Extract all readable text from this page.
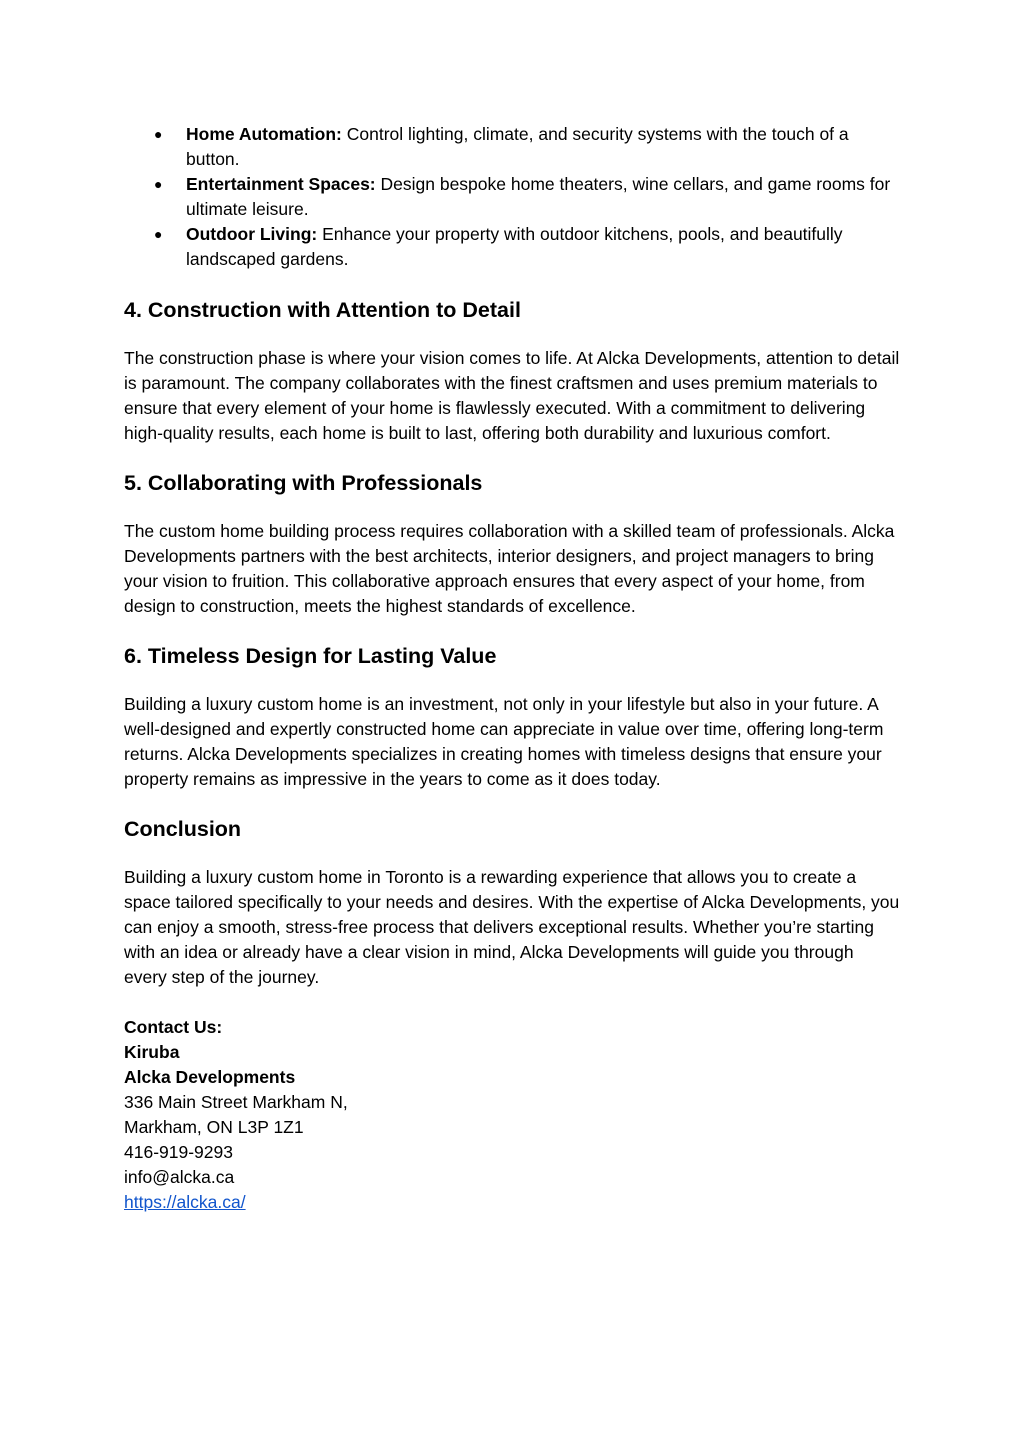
● Home Automation: Control lighting, climate, and security systems with the touch of a button.
● Entertainment Spaces: Design bespoke home theaters, wine cellars, and game rooms for ultimate leisure.
● Outdoor Living: Enhance your property with outdoor kitchens, pools, and beautifully landscaped gardens.
4. Construction with Attention to Detail

The construction phase is where your vision comes to life. At Alcka Developments, attention to detail is paramount. The company collaborates with the finest craftsmen and uses premium materials to ensure that every element of your home is flawlessly executed. With a commitment to delivering high-quality results, each home is built to last, offering both durability and luxurious comfort.

5. Collaborating with Professionals

The custom home building process requires collaboration with a skilled team of professionals. Alcka Developments partners with the best architects, interior designers, and project managers to bring your vision to fruition. This collaborative approach ensures that every aspect of your home, from design to construction, meets the highest standards of excellence.

6. Timeless Design for Lasting Value

Building a luxury custom home is an investment, not only in your lifestyle but also in your future. A well-designed and expertly constructed home can appreciate in value over time, offering long-term returns. Alcka Developments specializes in creating homes with timeless designs that ensure your property remains as impressive in the years to come as it does today.

Conclusion

Building a luxury custom home in Toronto is a rewarding experience that allows you to create a space tailored specifically to your needs and desires. With the expertise of Alcka Developments, you can enjoy a smooth, stress-free process that delivers exceptional results. Whether you’re starting with an idea or already have a clear vision in mind, Alcka Developments will guide you through every step of the journey.

Contact Us:
Kiruba
Alcka Developments
336 Main Street Markham N,
Markham, ON L3P 1Z1
416-919-9293
info@alcka.ca
https://alcka.ca/
